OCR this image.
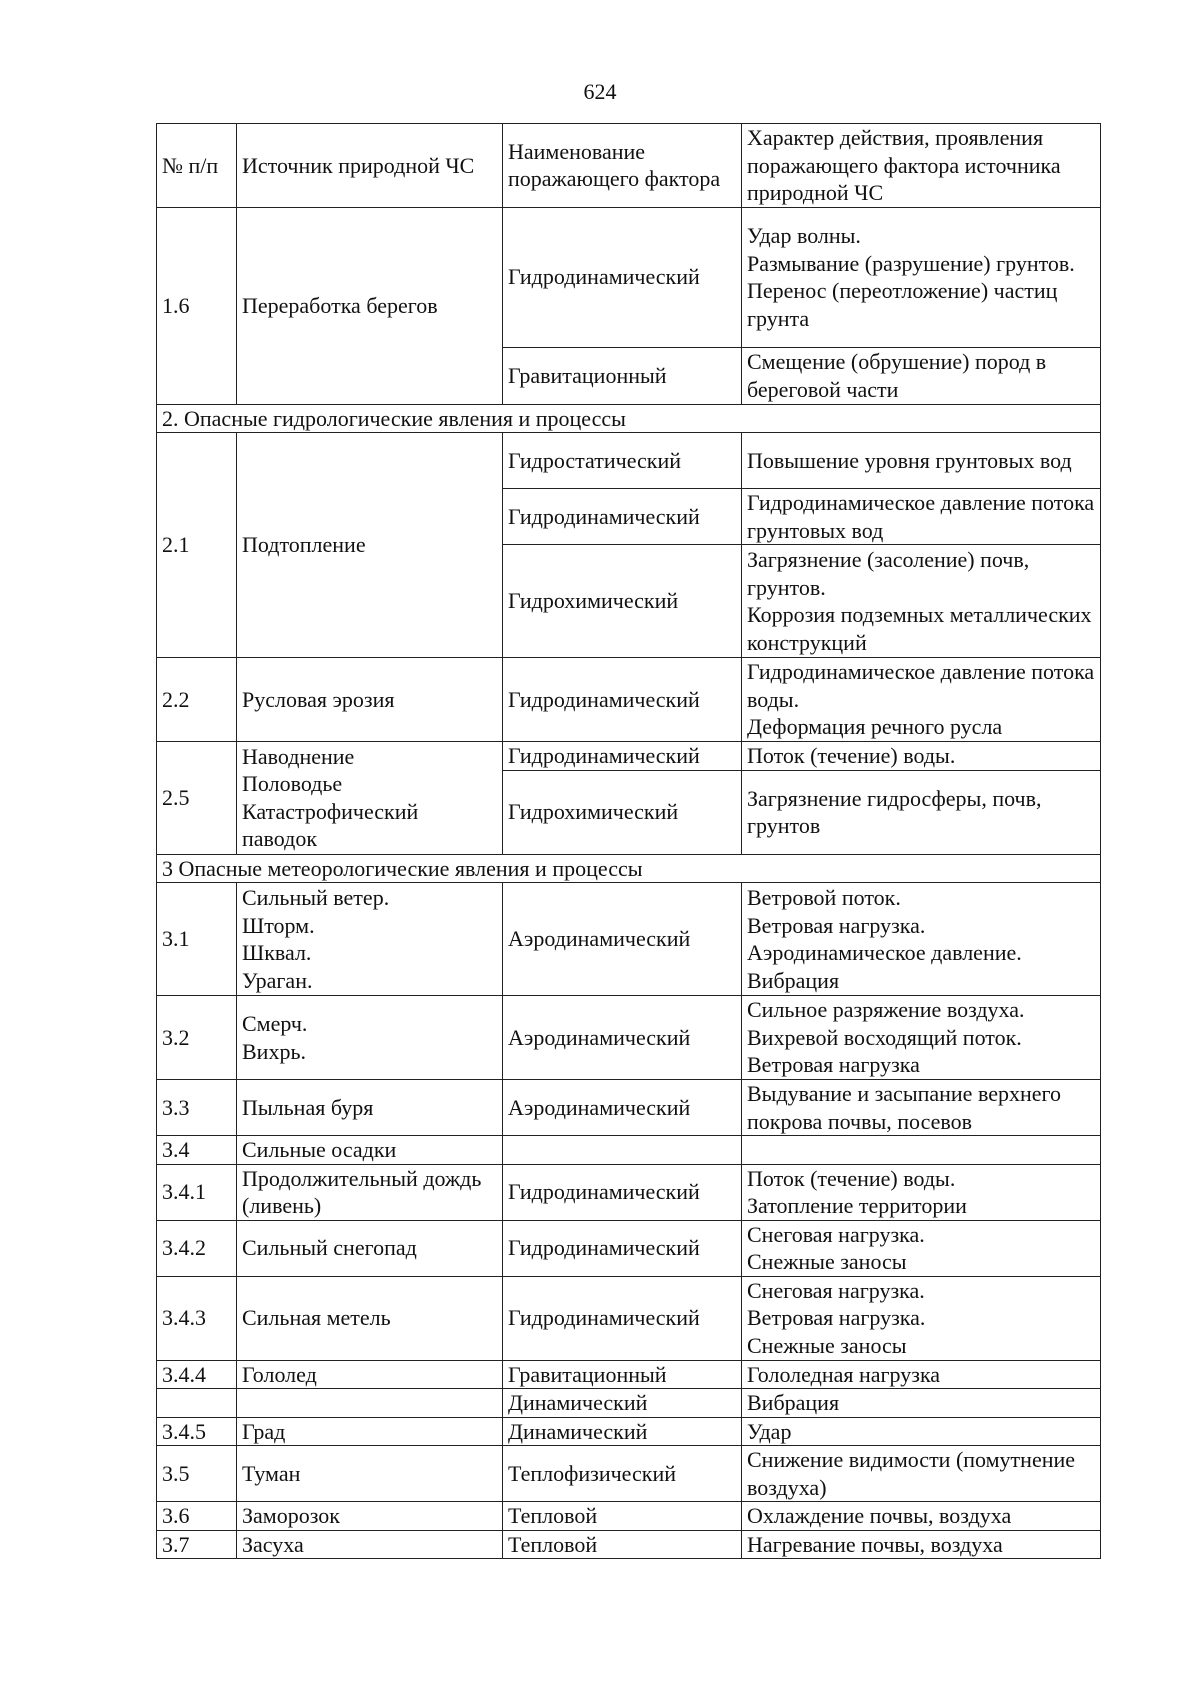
624
№ п/п	Источник природной ЧС	Наименование поражающего фактора	Характер действия, проявления поражающего фактора источника природной ЧС
1.6	Переработка берегов	Гидродинамический	Удар волны.
Размывание (разрушение) грунтов.
Перенос (переотложение) частиц грунта
		Гравитационный	Смещение (обрушение) пород в береговой части
2. Опасные гидрологические явления и процессы			
2.1	Подтопление	Гидростатический	Повышение уровня грунтовых вод
		Гидродинамический	Гидродинамическое давление потока грунтовых вод
		Гидрохимический	Загрязнение (засоление) почв, грунтов.
Коррозия подземных металлических конструкций
2.2	Русловая эрозия	Гидродинамический	Гидродинамическое давление потока воды.
Деформация речного русла
2.5	Наводнение
Половодье
Катастрофический паводок	Гидродинамический	Поток (течение) воды.
		Гидрохимический	Загрязнение гидросферы, почв, грунтов
3 Опасные метеорологические явления и процессы			
3.1	Сильный ветер.
Шторм.
Шквал.
Ураган.	Аэродинамический	Ветровой поток.
Ветровая нагрузка.
Аэродинамическое давление.
Вибрация
3.2	Смерч.
Вихрь.	Аэродинамический	Сильное разряжение воздуха.
Вихревой восходящий поток.
Ветровая нагрузка
3.3	Пыльная буря	Аэродинамический	Выдувание и засыпание верхнего покрова почвы, посевов
3.4	Сильные осадки		
3.4.1	Продолжительный дождь (ливень)	Гидродинамический	Поток (течение) воды.
Затопление территории
3.4.2	Сильный снегопад	Гидродинамический	Снеговая нагрузка.
Снежные заносы
3.4.3	Сильная метель	Гидродинамический	Снеговая нагрузка.
Ветровая нагрузка.
Снежные заносы
3.4.4	Гололед	Гравитационный	Гололедная нагрузка
		Динамический	Вибрация
3.4.5	Град	Динамический	Удар
3.5	Туман	Теплофизический	Снижение видимости (помутнение воздуха)
3.6	Заморозок	Тепловой	Охлаждение почвы, воздуха
3.7	Засуха	Тепловой	Нагревание почвы, воздуха
